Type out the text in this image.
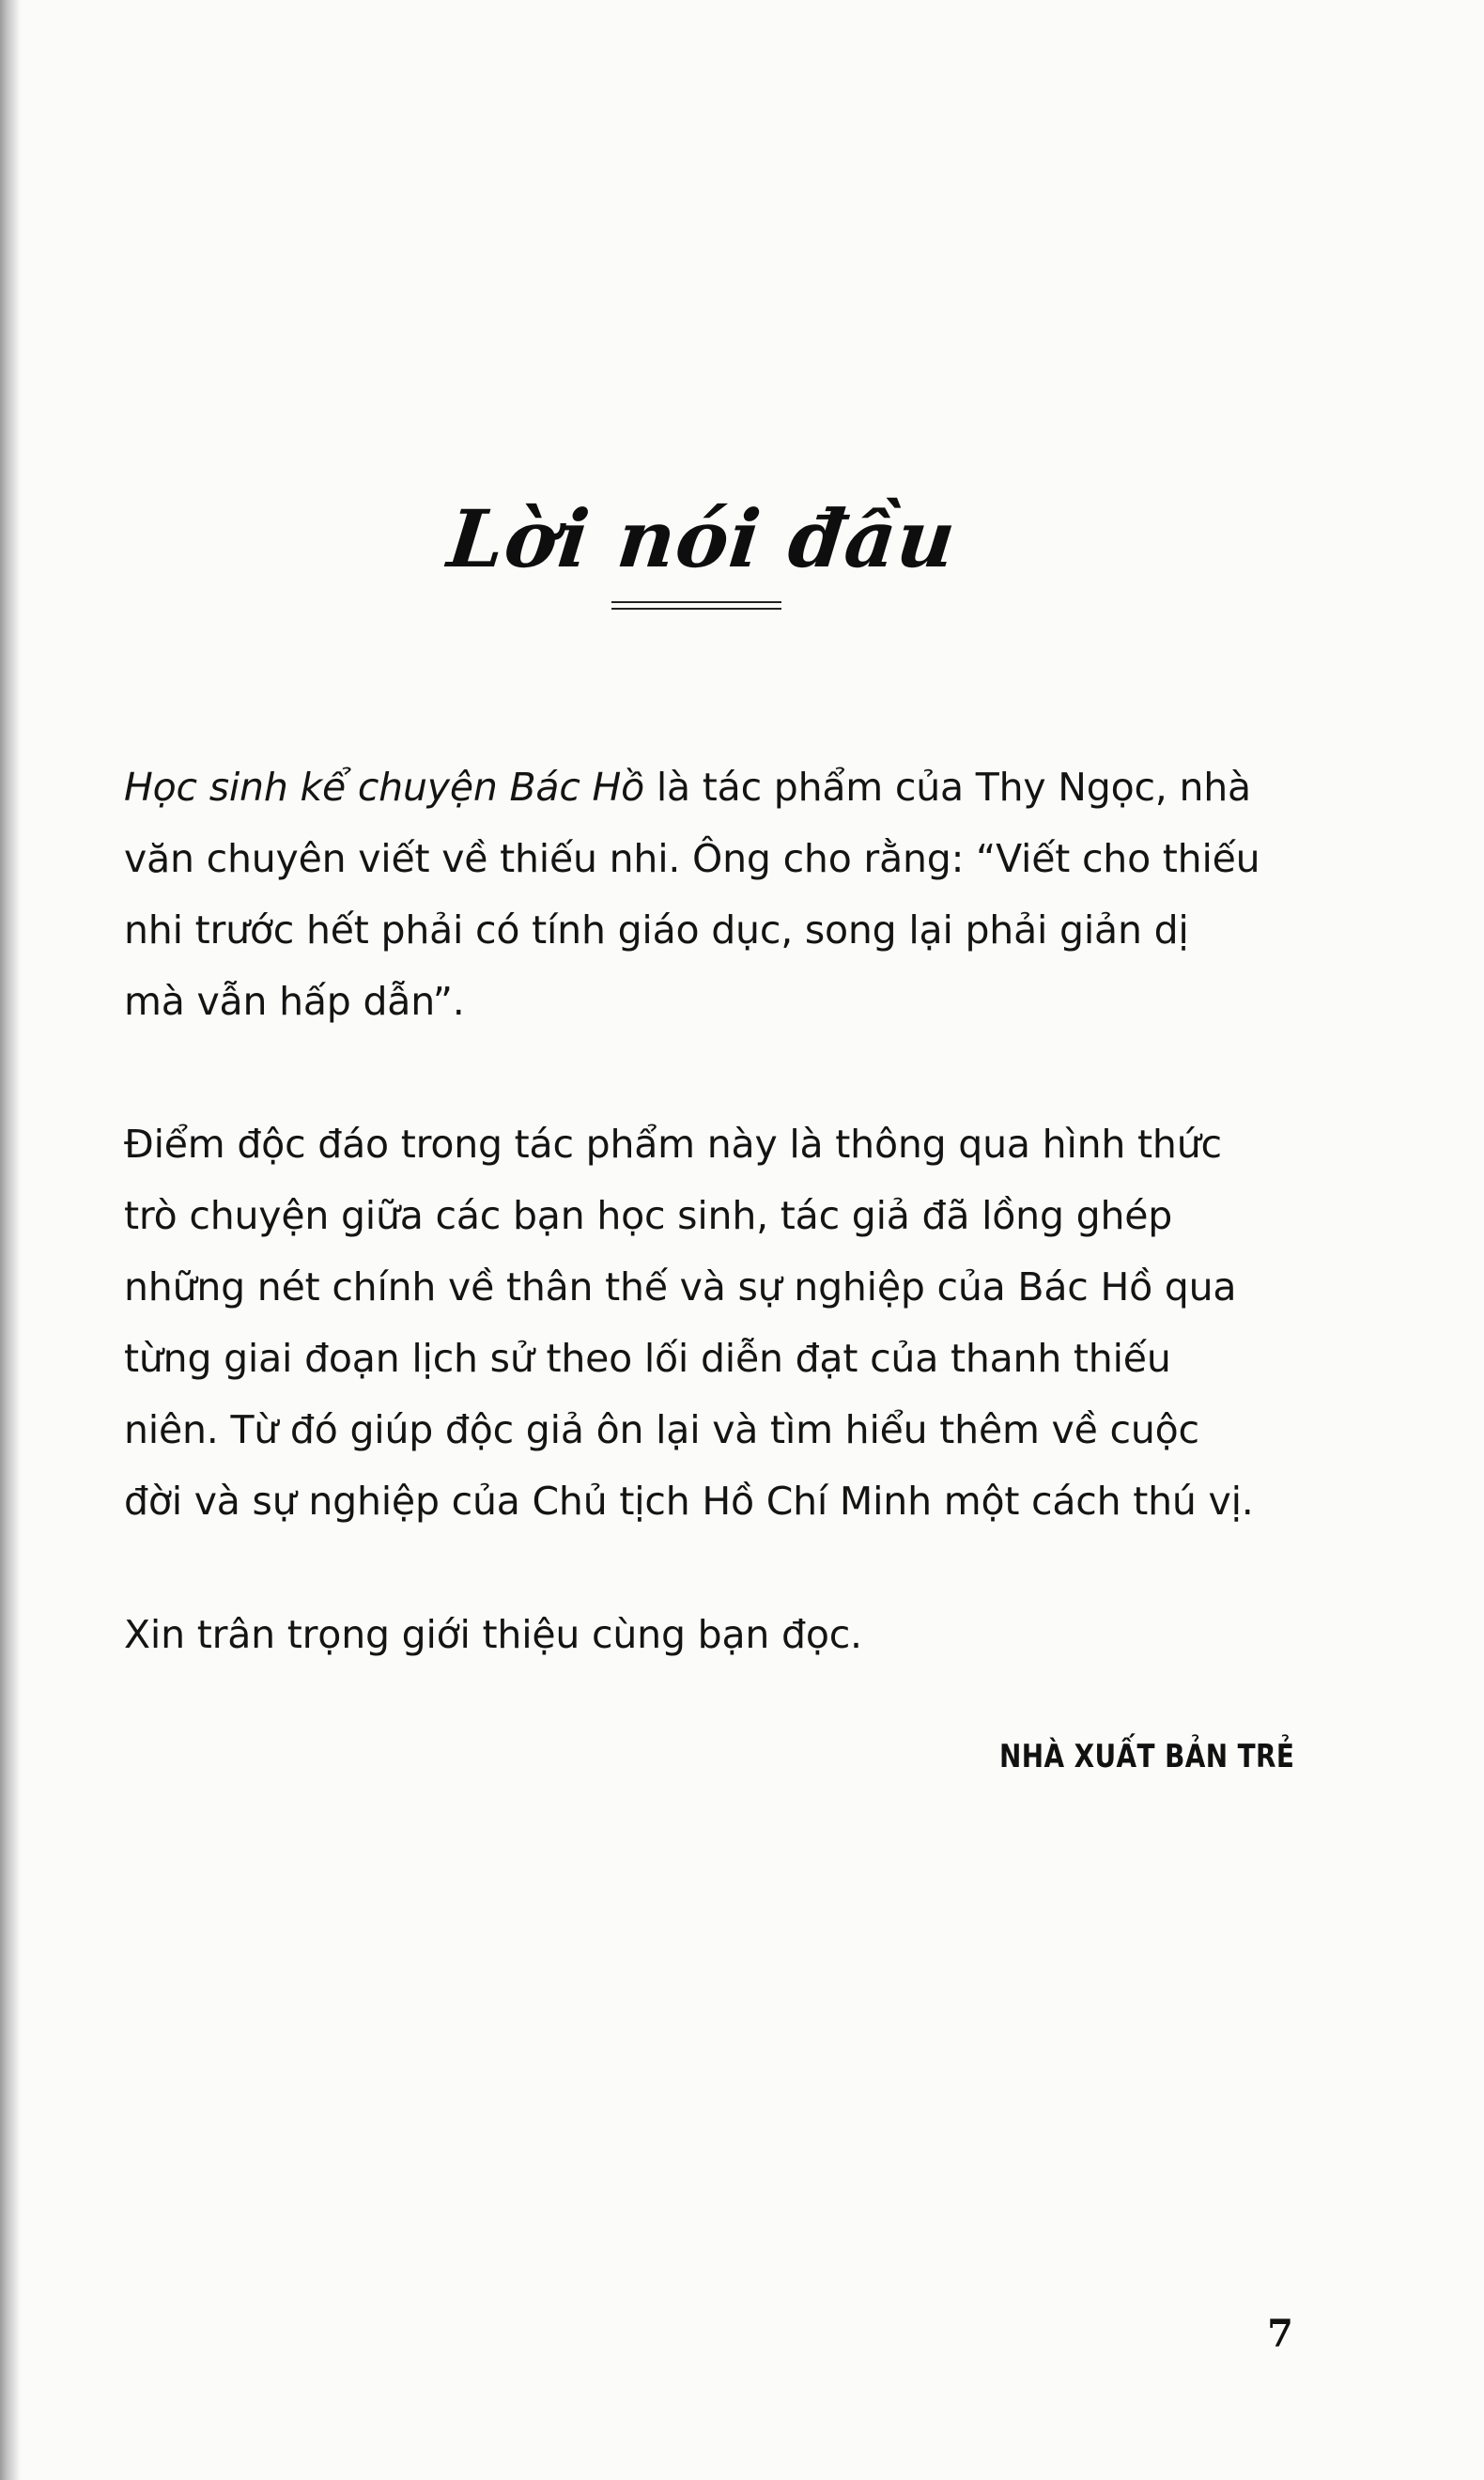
Lời nói đầu

Học sinh kể chuyện Bác Hồ là tác phẩm của Thy Ngọc, nhà
văn chuyên viết về thiếu nhi. Ông cho rằng: “Viết cho thiếu
nhi trước hết phải có tính giáo dục, song lại phải giản dị
mà vẫn hấp dẫn”.

Điểm độc đáo trong tác phẩm này là thông qua hình thức
trò chuyện giữa các bạn học sinh, tác giả đã lồng ghép
những nét chính về thân thế và sự nghiệp của Bác Hồ qua
từng giai đoạn lịch sử theo lối diễn đạt của thanh thiếu
niên. Từ đó giúp độc giả ôn lại và tìm hiểu thêm về cuộc
đời và sự nghiệp của Chủ tịch Hồ Chí Minh một cách thú vị.

Xin trân trọng giới thiệu cùng bạn đọc.

NHÀ XUẤT BẢN TRẺ
7
